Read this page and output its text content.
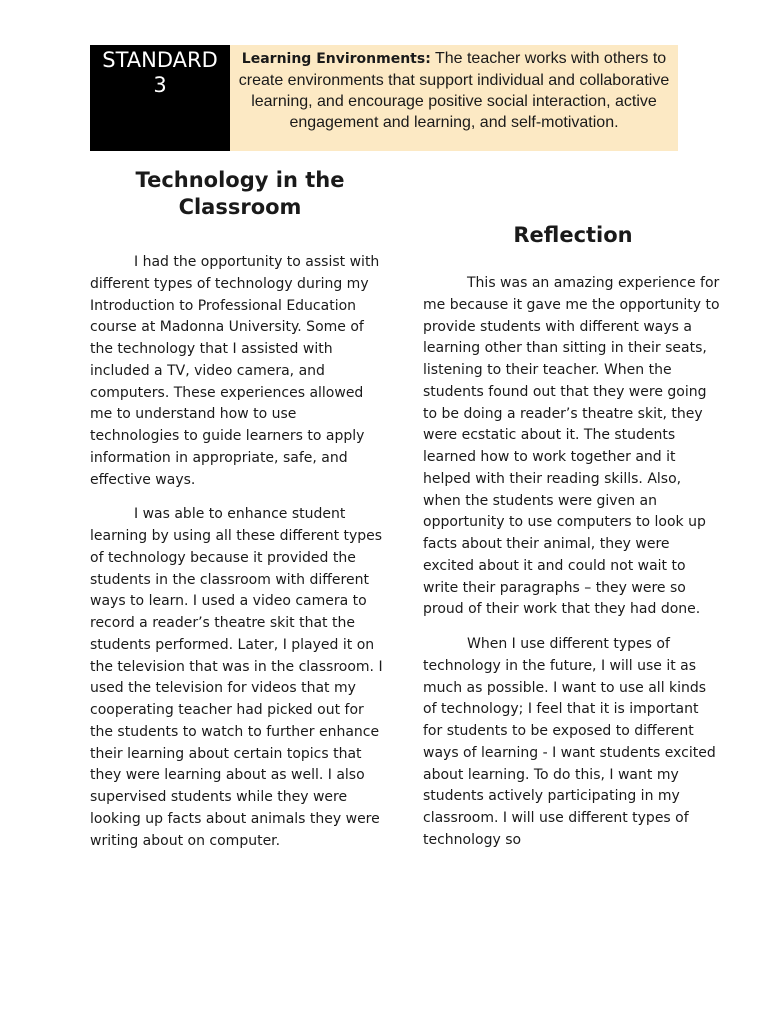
STANDARD
3
Learning Environments: The teacher works with others to create environments that support individual and collaborative learning, and encourage positive social interaction, active engagement and learning, and self-motivation.
Technology in the Classroom

I had the opportunity to assist with different types of technology during my Introduction to Professional Education course at Madonna University. Some of the technology that I assisted with included a TV, video camera, and computers. These experiences allowed me to understand how to use technologies to guide learners to apply information in appropriate, safe, and effective ways.

I was able to enhance student learning by using all these different types of technology because it provided the students in the classroom with different ways to learn. I used a video camera to record a reader’s theatre skit that the students performed. Later, I played it on the television that was in the classroom. I used the television for videos that my cooperating teacher had picked out for the students to watch to further enhance their learning about certain topics that they were learning about as well. I also supervised students while they were looking up facts about animals they were writing about on computer.

Reflection

This was an amazing experience for me because it gave me the opportunity to provide students with different ways a learning other than sitting in their seats, listening to their teacher. When the students found out that they were going to be doing a reader’s theatre skit, they were ecstatic about it. The students learned how to work together and it helped with their reading skills. Also, when the students were given an opportunity to use computers to look up facts about their animal, they were excited about it and could not wait to write their paragraphs – they were so proud of their work that they had done.

When I use different types of technology in the future, I will use it as much as possible. I want to use all kinds of technology; I feel that it is important for students to be exposed to different ways of learning - I want students excited about learning. To do this, I want my students actively participating in my classroom. I will use different types of technology so
